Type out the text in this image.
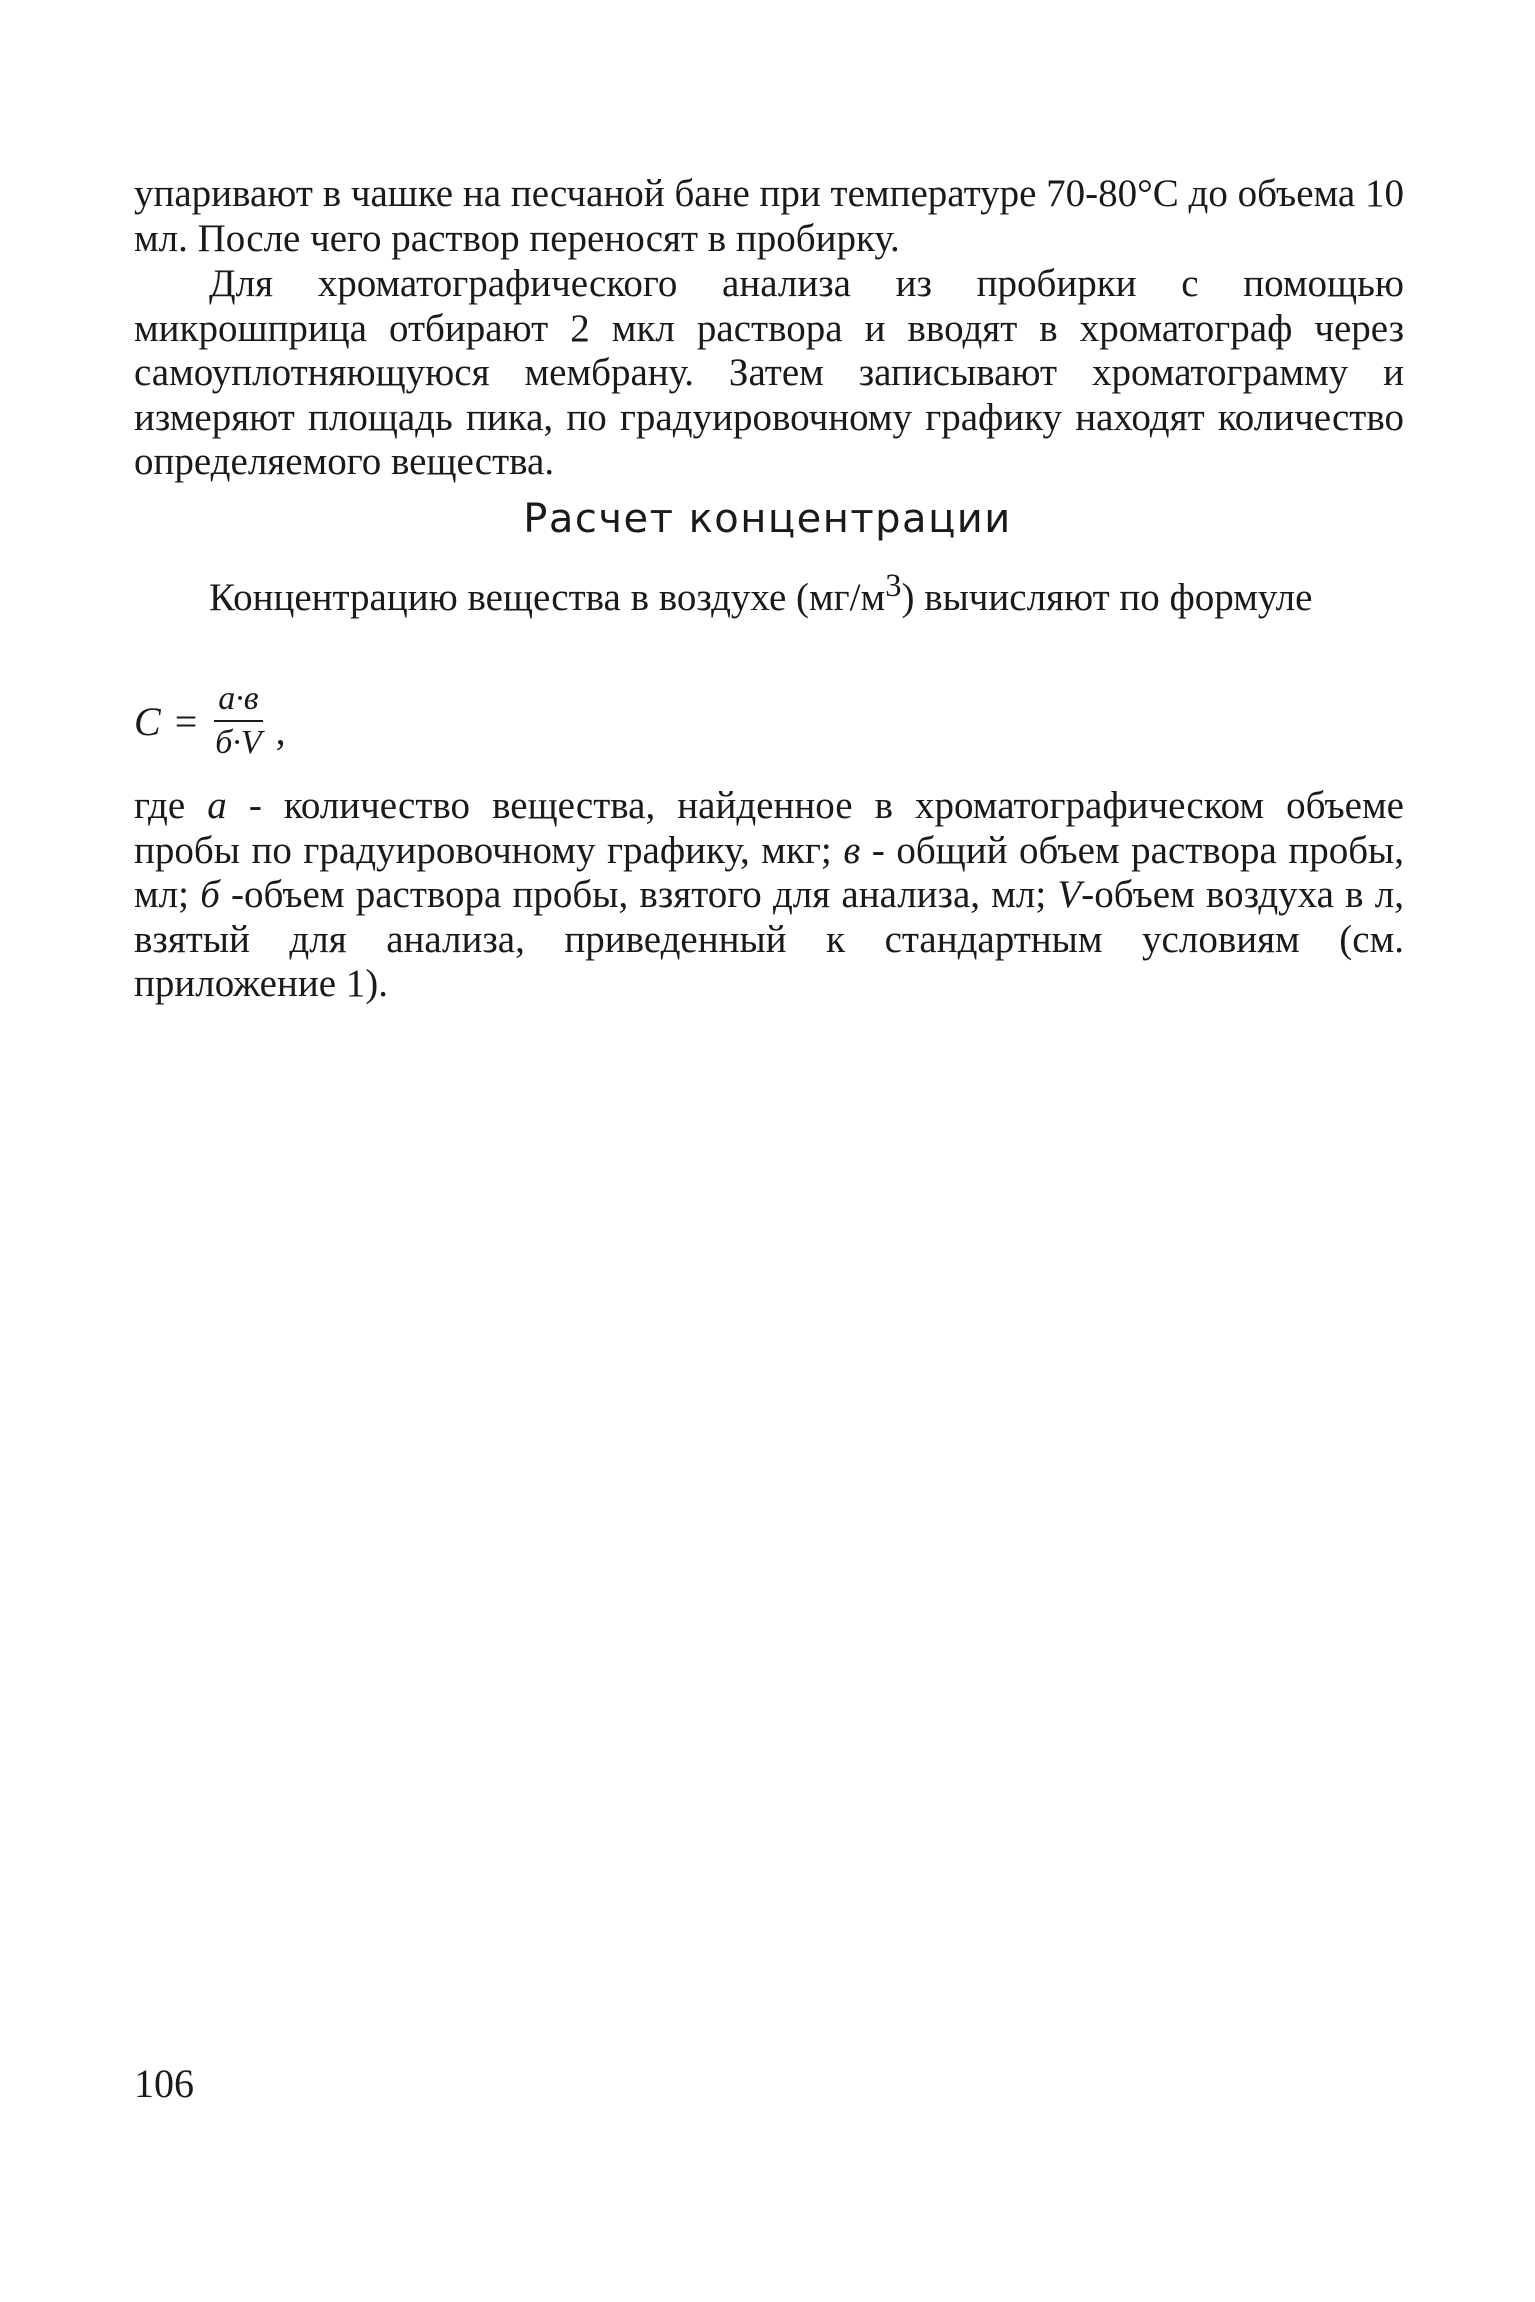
упаривают в чашке на песчаной бане при температуре 70-80°С до объема 10 мл. После чего раствор переносят в пробирку.

Для хроматографического анализа из пробирки с помощью микрошприца отбирают 2 мкл раствора и вводят в хроматограф через самоуплотняющуюся мембрану. Затем записывают хроматограмму и измеряют площадь пика, по градуировочному графику находят количество определяемого вещества.

Расчет концентрации

Концентрацию вещества в воздухе $(мг/м^3)$ вычисляют по формуле

$C = \frac{а\cdot в}{б\cdot V}$ ,

где а - количество вещества, найденное в хроматографическом объеме пробы по градуировочному графику, мкг; в - общий объем раствора пробы, мл; б -объем раствора пробы, взятого для анализа, мл; V-объем воздуха в л, взятый для анализа, приведенный к стандартным условиям (см. приложение 1).

106
